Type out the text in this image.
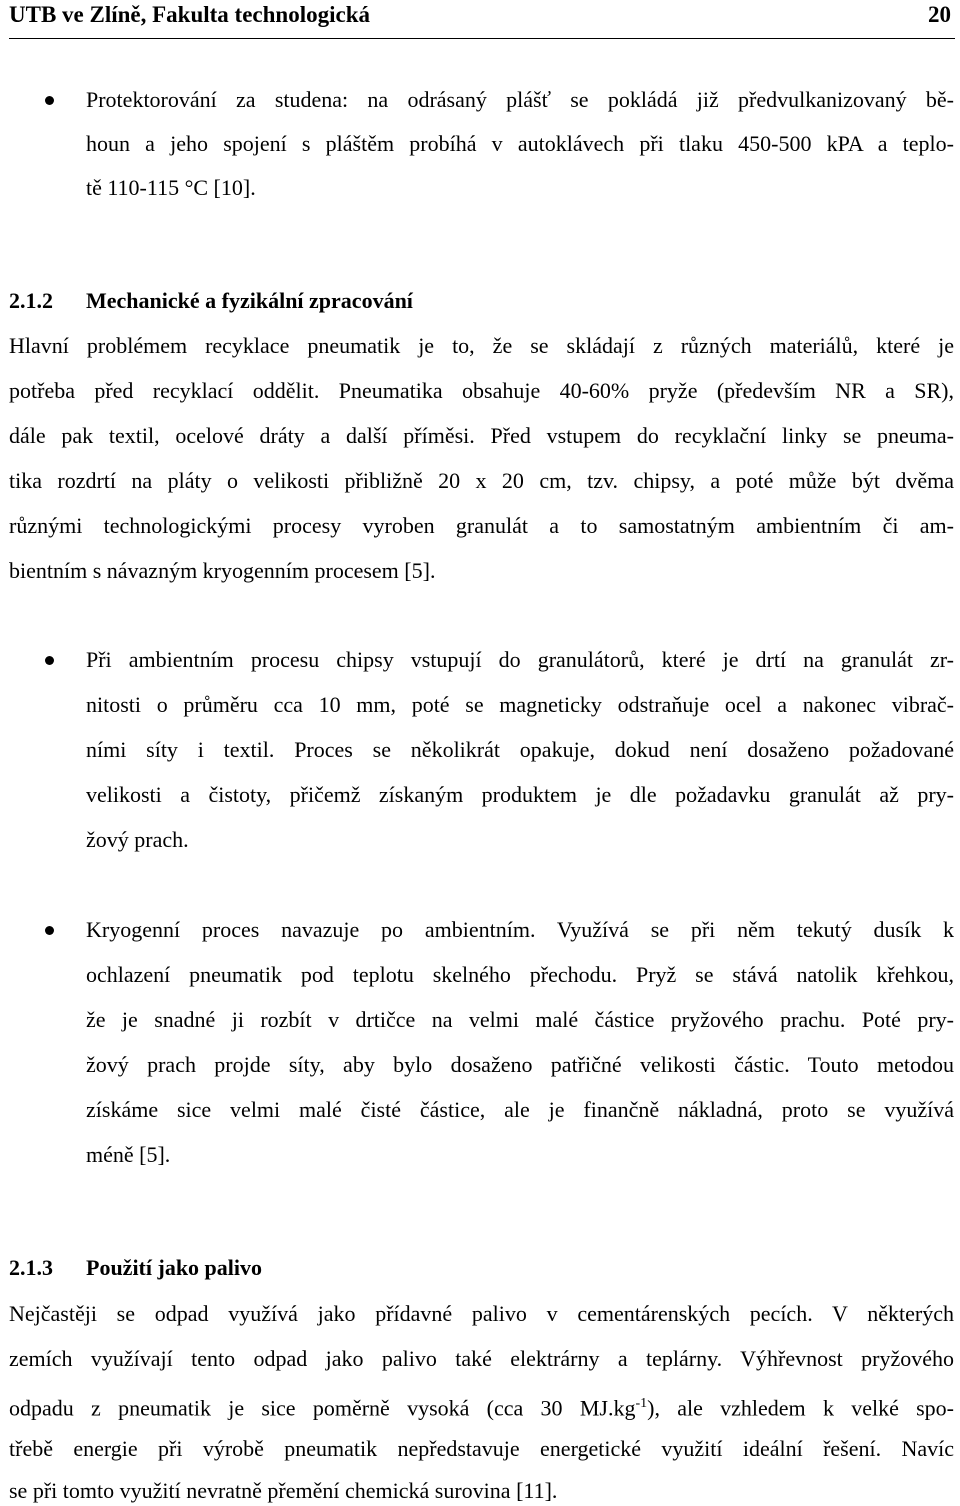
UTB ve Zlíně, Fakulta technologická	20
Protektorování za studena: na odrásaný plášť se pokládá již předvulkanizovaný bě-
houn a jeho spojení s pláštěm probíhá v autoklávech při tlaku 450-500 kPA a teplo-
tě 110-115 °C [10].
2.1.2 Mechanické a fyzikální zpracování
Hlavní problémem recyklace pneumatik je to, že se skládají z různých materiálů, které je
potřeba před recyklací oddělit. Pneumatika obsahuje 40-60% pryže (především NR a SR),
dále pak textil, ocelové dráty a další příměsi. Před vstupem do recyklační linky se pneuma-
tika rozdrtí na pláty o velikosti přibližně 20 x 20 cm, tzv. chipsy, a poté může být dvěma
různými technologickými procesy vyroben granulát a to samostatným ambientním či am-
bientním s návazným kryogenním procesem [5].
Při ambientním procesu chipsy vstupují do granulátorů, které je drtí na granulát zr-
nitosti o průměru cca 10 mm, poté se magneticky odstraňuje ocel a nakonec vibrač-
ními síty i textil. Proces se několikrát opakuje, dokud není dosaženo požadované
velikosti a čistoty, přičemž získaným produktem je dle požadavku granulát až pry-
žový prach.
Kryogenní proces navazuje po ambientním. Využívá se při něm tekutý dusík k
ochlazení pneumatik pod teplotu skelného přechodu. Pryž se stává natolik křehkou,
že je snadné ji rozbít v drtičce na velmi malé částice pryžového prachu. Poté pry-
žový prach projde síty, aby bylo dosaženo patřičné velikosti částic. Touto metodou
získáme sice velmi malé čisté částice, ale je finančně nákladná, proto se využívá
méně [5].
2.1.3 Použití jako palivo
Nejčastěji se odpad využívá jako přídavné palivo v cementárenských pecích. V některých
zemích využívají tento odpad jako palivo také elektrárny a teplárny. Výhřevnost pryžového
odpadu z pneumatik je sice poměrně vysoká (cca 30 $MJ.kg^{-1}$), ale vzhledem k velké spo-
třebě energie při výrobě pneumatik nepředstavuje energetické využití ideální řešení. Navíc
se při tomto využití nevratně přemění chemická surovina [11].
